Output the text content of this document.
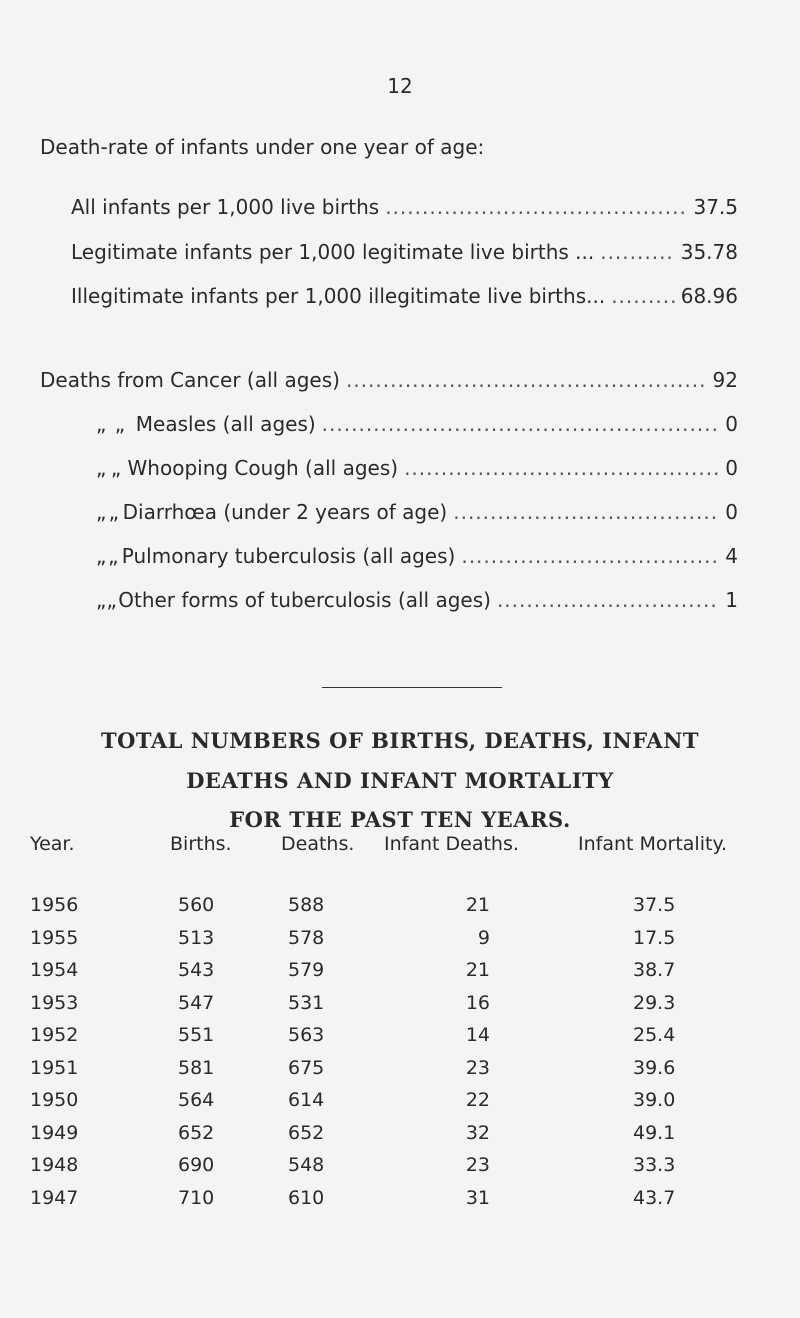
12
Death-rate of infants under one year of age:
All infants per 1,000 live births .....	37.5
Legitimate infants per 1,000 legitimate live births ... .....	35.78
Illegitimate infants per 1,000 illegitimate live births... .....	68.96
Deaths from Cancer (all ages) .....	92
„ „ Measles (all ages) .....	0
„ „ Whooping Cough (all ages) .....	0
„ „ Diarrhœa (under 2 years of age) .....	0
„ „ Pulmonary tuberculosis (all ages) .....	4
„ „ Other forms of tuberculosis (all ages) .....	1
TOTAL NUMBERS OF BIRTHS, DEATHS, INFANT
DEATHS AND INFANT MORTALITY
FOR THE PAST TEN YEARS.
Year.	Births.	Deaths. Infant Deaths.	Infant Mortality.
1956	560	588	21	37.5
1955	513	578	9	17.5
1954	543	579	21	38.7
1953	547	531	16	29.3
1952	551	563	14	25.4
1951	581	675	23	39.6
1950	564	614	22	39.0
1949	652	652	32	49.1
1948	690	548	23	33.3
1947	710	610	31	43.7
